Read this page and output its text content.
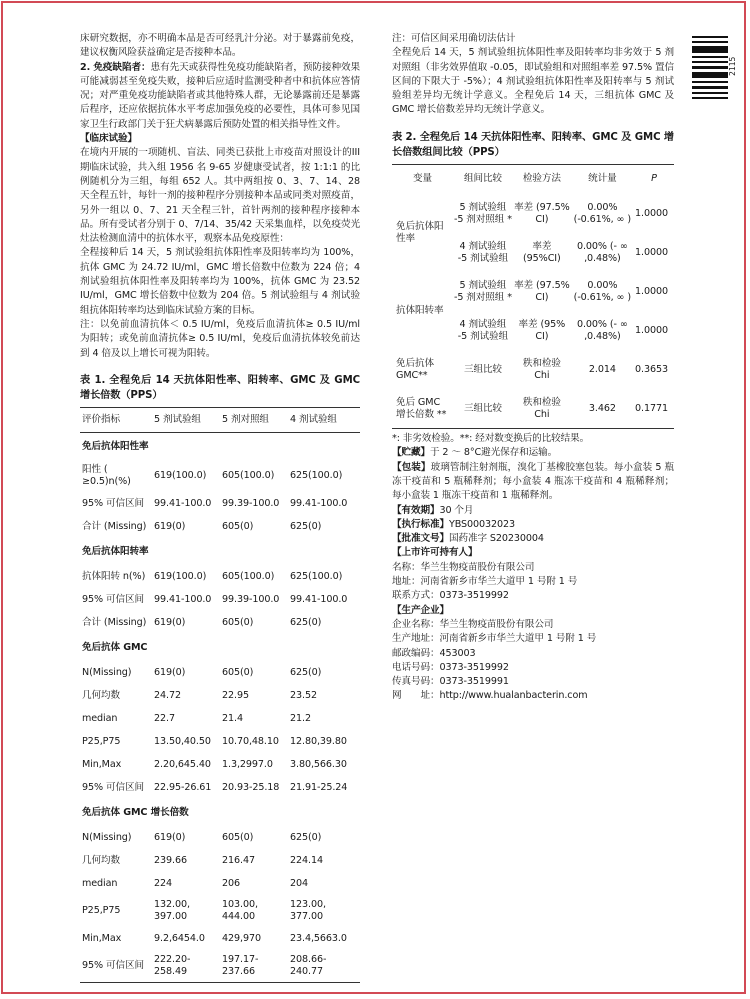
2115

床研究数据，亦不明确本品是否可经乳汁分泌。对于暴露前免疫，建议权衡风险获益确定是否接种本品。

2. 免疫缺陷者：患有先天或获得性免疫功能缺陷者，预防接种效果可能减弱甚至免疫失败，接种后应适时监测受种者中和抗体应答情况；对严重免疫功能缺陷者或其他特殊人群，无论暴露前还是暴露后程序，还应依据抗体水平考虑加强免疫的必要性，具体可参见国家卫生行政部门关于狂犬病暴露后预防处置的相关指导性文件。

【临床试验】

在境内开展的一项随机、盲法、同类已获批上市疫苗对照设计的III期临床试验，共入组 1956 名 9-65 岁健康受试者，按 1:1:1 的比例随机分为三组，每组 652 人。其中两组按 0、3、7、14、28 天全程五针，每针一剂的接种程序分别接种本品或同类对照疫苗，另外一组以 0、7、21 天全程三针，首针两剂的接种程序接种本品。所有受试者分别于 0、7/14、35/42 天采集血样，以免疫荧光灶法检测血清中的抗体水平，观察本品免疫原性：

全程接种后 14 天，5 剂试验组抗体阳性率及阳转率均为 100%，抗体 GMC 为 24.72 IU/ml，GMC 增长倍数中位数为 224 倍；4 剂试验组抗体阳性率及阳转率均为 100%，抗体 GMC 为 23.52 IU/ml，GMC 增长倍数中位数为 204 倍。5 剂试验组与 4 剂试验组抗体阳转率均达到临床试验方案的目标。

注：以免前血清抗体＜ 0.5 IU/ml，免疫后血清抗体≥ 0.5 IU/ml 为阳转；或免前血清抗体≥ 0.5 IU/ml，免疫后血清抗体较免前达到 4 倍及以上增长可视为阳转。

表 1. 全程免后 14 天抗体阳性率、阳转率、GMC 及 GMC 增长倍数（PPS）

评价指标	5 剂试验组	5 剂对照组	4 剂试验组
免后抗体阳性率			
阳性 ( ≥0.5)n(%)	619(100.0)	605(100.0)	625(100.0)
95% 可信区间	99.41-100.0	99.39-100.0	99.41-100.0
合计 (Missing)	619(0)	605(0)	625(0)
免后抗体阳转率			
抗体阳转 n(%)	619(100.0)	605(100.0)	625(100.0)
95% 可信区间	99.41-100.0	99.39-100.0	99.41-100.0
合计 (Missing)	619(0)	605(0)	625(0)
免后抗体 GMC			
N(Missing)	619(0)	605(0)	625(0)
几何均数	24.72	22.95	23.52
median	22.7	21.4	21.2
P25,P75	13.50,40.50	10.70,48.10	12.80,39.80
Min,Max	2.20,645.40	1.3,2997.0	3.80,566.30
95% 可信区间	22.95-26.61	20.93-25.18	21.91-25.24
免后抗体 GMC 增长倍数			
N(Missing)	619(0)	605(0)	625(0)
几何均数	239.66	216.47	224.14
median	224	206	204
P25,P75	132.00, 397.00	103.00, 444.00	123.00, 377.00
Min,Max	9.2,6454.0	429,970	23.4,5663.0
95% 可信区间	222.20-258.49	197.17-237.66	208.66-240.77

注：可信区间采用确切法估计

全程免后 14 天，5 剂试验组抗体阳性率及阳转率均非劣效于 5 剂对照组（非劣效界值取 -0.05，即试验组和对照组率差 97.5% 置信区间的下限大于 -5%）；4 剂试验组抗体阳性率及阳转率与 5 剂试验组差异均无统计学意义。全程免后 14 天，三组抗体 GMC 及 GMC 增长倍数差异均无统计学意义。

表 2. 全程免后 14 天抗体阳性率、阳转率、GMC 及 GMC 增长倍数组间比较（PPS）

变量	组间比较	检验方法	统计量	P
免后抗体阳性率	5 剂试验组 -5 剂对照组 *	率差 (97.5% CI)	0.00% (-0.61%, ∞ )	1.0000
	4 剂试验组 -5 剂试验组	率差 (95%CI)	0.00% (- ∞ ,0.48%)	1.0000
抗体阳转率	5 剂试验组 -5 剂对照组 *	率差 (97.5% CI)	0.00% (-0.61%, ∞ )	1.0000
	4 剂试验组 -5 剂试验组	率差 (95% CI)	0.00% (- ∞ ,0.48%)	1.0000
免后抗体 GMC**	三组比较	秩和检验 Chi	2.014	0.3653
免后 GMC 增长倍数 **	三组比较	秩和检验 Chi	3.462	0.1771

*: 非劣效检验。**: 经对数变换后的比较结果。

【贮藏】于 2 ～ 8°C避光保存和运输。

【包装】玻璃管制注射剂瓶，溴化丁基橡胶塞包装。每小盒装 5 瓶冻干疫苗和 5 瓶稀释剂；每小盒装 4 瓶冻干疫苗和 4 瓶稀释剂；每小盒装 1 瓶冻干疫苗和 1 瓶稀释剂。

【有效期】30 个月

【执行标准】YBS00032023

【批准文号】国药准字 S20230004

【上市许可持有人】

名称：华兰生物疫苗股份有限公司

地址：河南省新乡市华兰大道甲 1 号附 1 号

联系方式：0373-3519992

【生产企业】

企业名称：华兰生物疫苗股份有限公司

生产地址：河南省新乡市华兰大道甲 1 号附 1 号

邮政编码：453003

电话号码：0373-3519992

传真号码：0373-3519991

网　　址：http://www.hualanbacterin.com
